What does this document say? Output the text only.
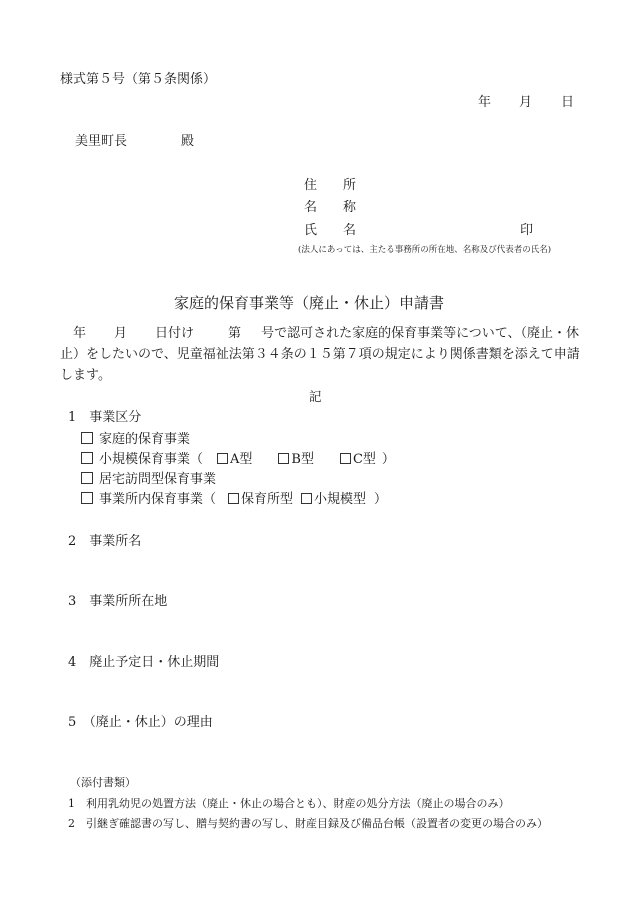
様式第５号（第５条関係）
年 月 日
美里町長	殿
住　　所
名　　称
氏　　名	印
(法人にあっては、主たる事務所の所在地、名称及び代表者の氏名)
家庭的保育事業等（廃止・休止）申請書
年 月 日付け	第 号で認可された家庭的保育事業等について、（廃止・休止）をしたいので、児童福祉法第３４条の１５第７項の規定により関係書類を添えて申請します。
記
1　事業区分
家庭的保育事業
小規模保育事業（ A型	B型	C型 ）
居宅訪問型保育事業
事業所内保育事業（ 保育所型 小規模型 ）
2　事業所名
3　事業所所在地
4　廃止予定日・休止期間
5　（廃止・休止）の理由
（添付書類）
1　利用乳幼児の処置方法（廃止・休止の場合とも）、財産の処分方法（廃止の場合のみ）
2　引継ぎ確認書の写し、贈与契約書の写し、財産目録及び備品台帳（設置者の変更の場合のみ）
